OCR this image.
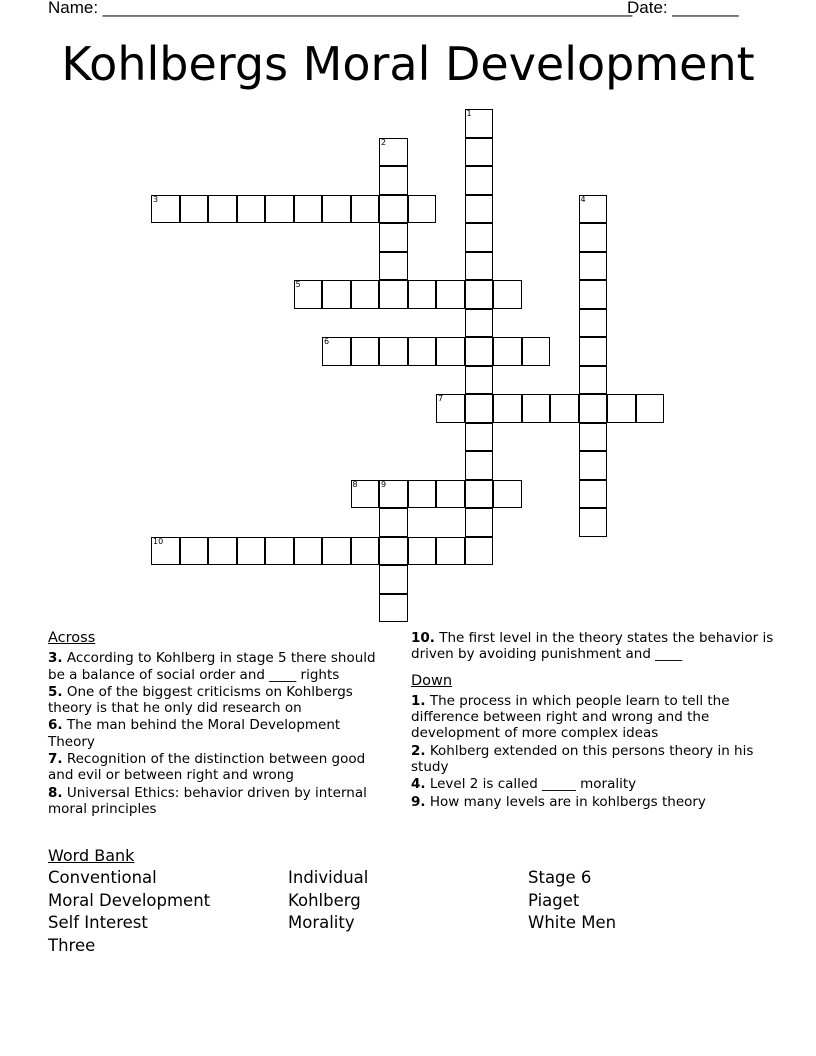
Name: ________________________________________________________
Date: _______
Kohlbergs Moral Development
1
2
3	4
5
6
7
8	9
10
Across
3. According to Kohlberg in stage 5 there should be a balance of social order and ____ rights
5. One of the biggest criticisms on Kohlbergs theory is that he only did research on
6. The man behind the Moral Development Theory
7. Recognition of the distinction between good and evil or between right and wrong
8. Universal Ethics: behavior driven by internal moral principles
10. The first level in the theory states the behavior is driven by avoiding punishment and ____
Down
1. The process in which people learn to tell the difference between right and wrong and the development of more complex ideas
2. Kohlberg extended on this persons theory in his study
4. Level 2 is called _____ morality
9. How many levels are in kohlbergs theory
Word Bank
Conventional	Individual	Stage 6
Moral Development	Kohlberg	Piaget
Self Interest	Morality	White Men
Three
